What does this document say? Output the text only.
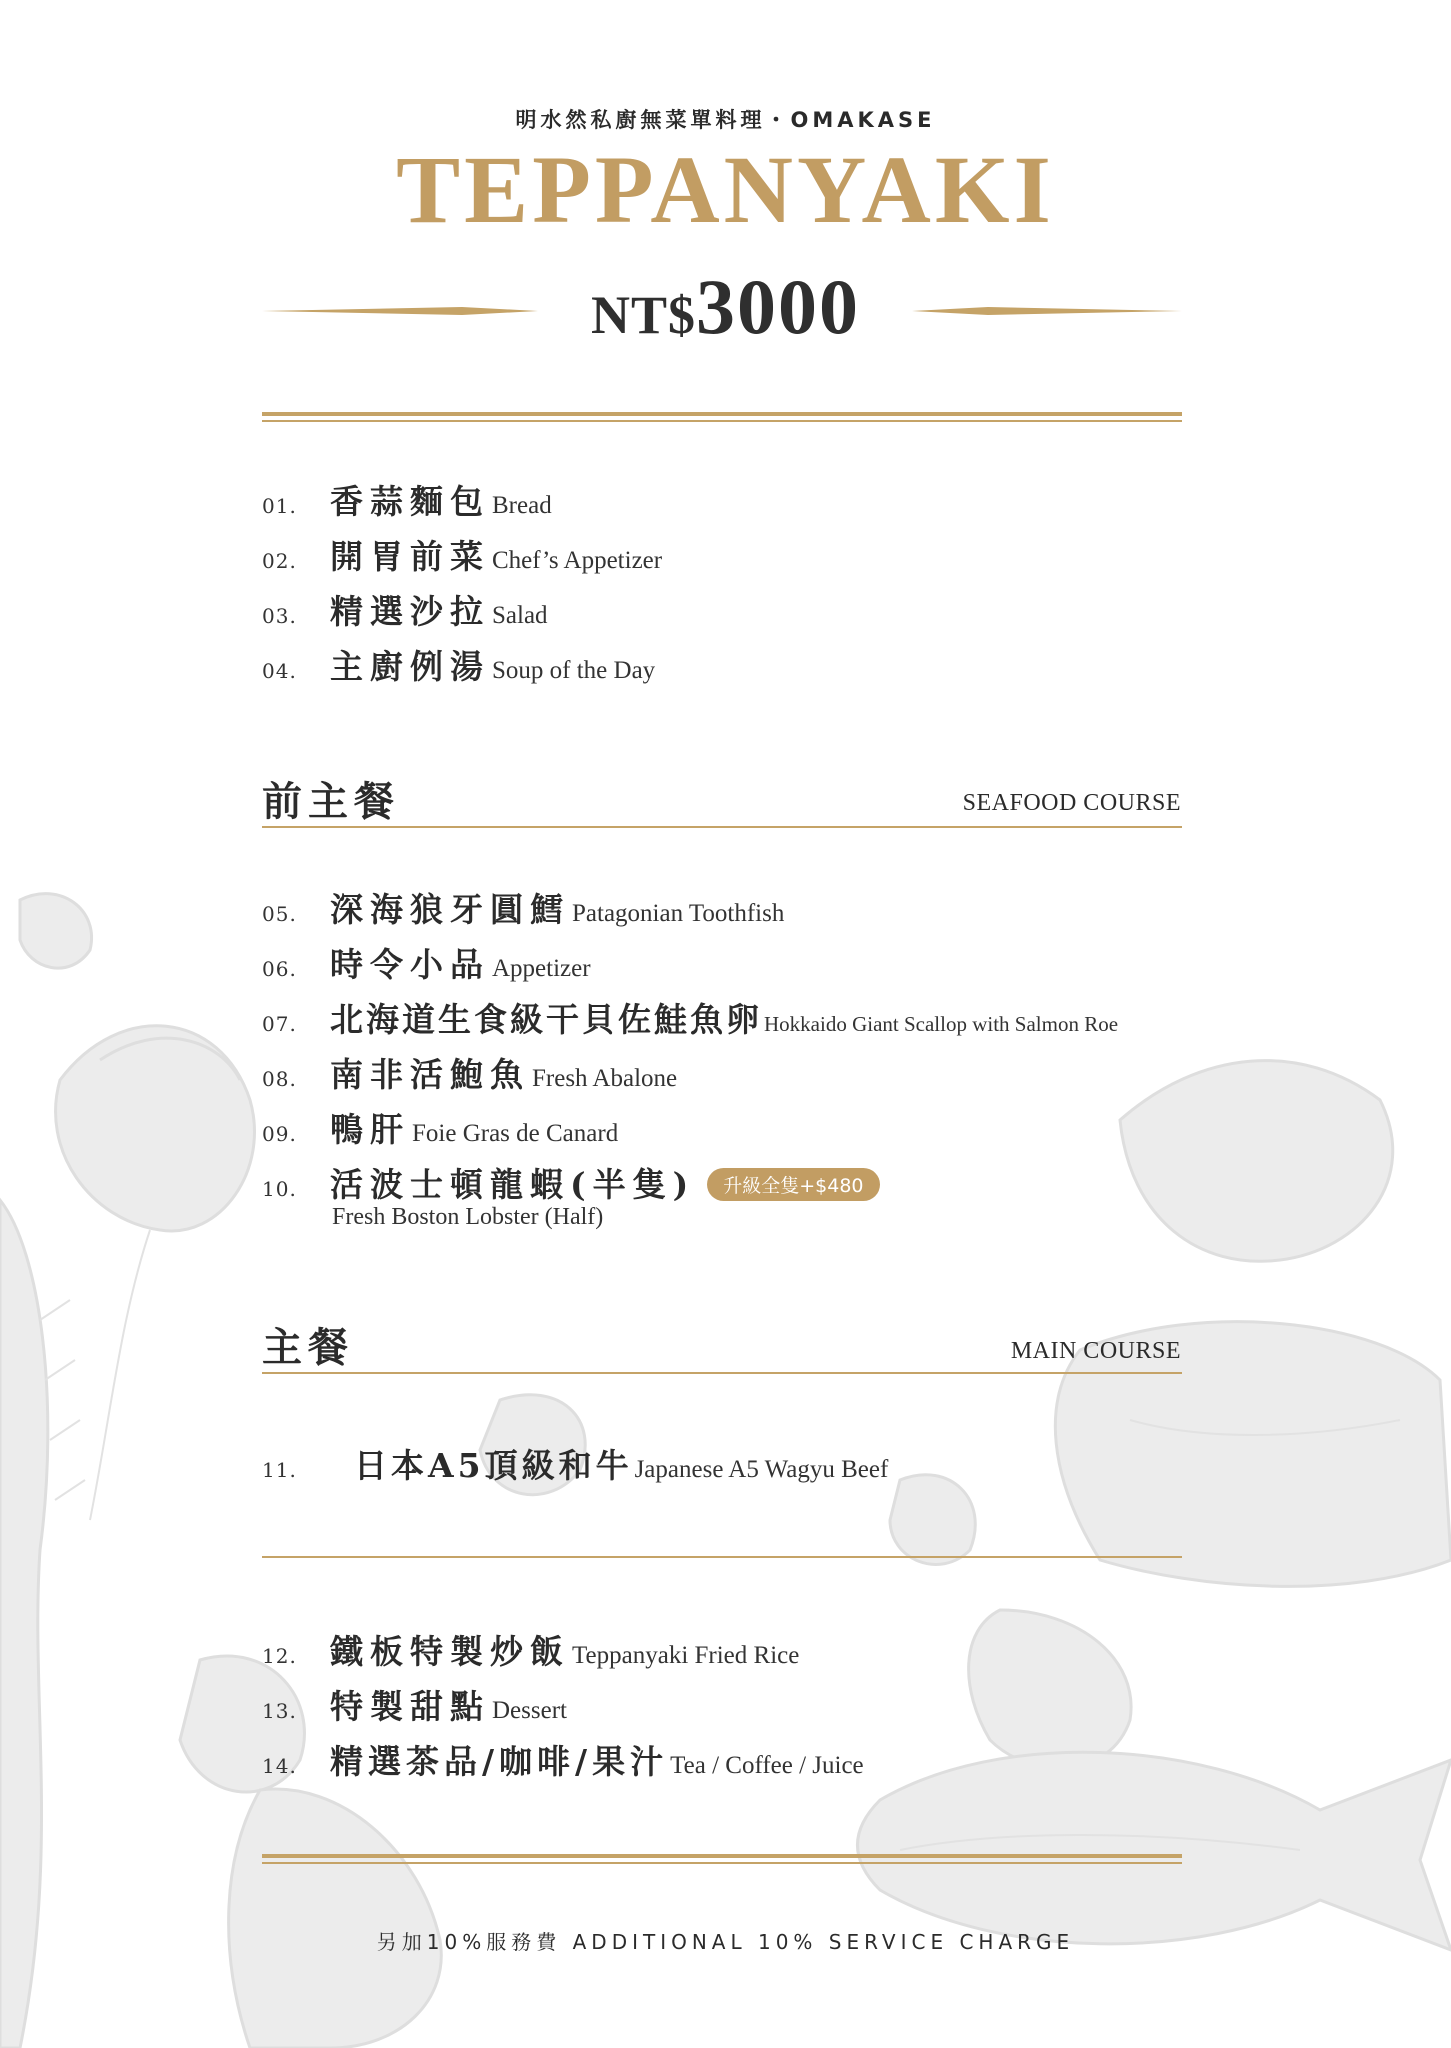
明水然私廚無菜單料理・OMAKASE
TEPPANYAKI
NT$3000
01.	香蒜麵包 Bread
02.	開胃前菜 Chef’s Appetizer
03.	精選沙拉 Salad
04.	主廚例湯 Soup of the Day
前主餐	SEAFOOD COURSE
05.	深海狼牙圓鱈 Patagonian Toothfish
06.	時令小品 Appetizer
07.	北海道生食級干貝佐鮭魚卵 Hokkaido Giant Scallop with Salmon Roe
08.	南非活鮑魚 Fresh Abalone
09.	鴨肝 Foie Gras de Canard
10.	活波士頓龍蝦(半隻)	升級全隻+$480
Fresh Boston Lobster (Half)
主餐	MAIN COURSE
11.	日本A5頂級和牛 Japanese A5 Wagyu Beef
12.	鐵板特製炒飯 Teppanyaki Fried Rice
13.	特製甜點 Dessert
14.	精選茶品/咖啡/果汁 Tea / Coffee / Juice
另加10%服務費 ADDITIONAL 10% SERVICE CHARGE
